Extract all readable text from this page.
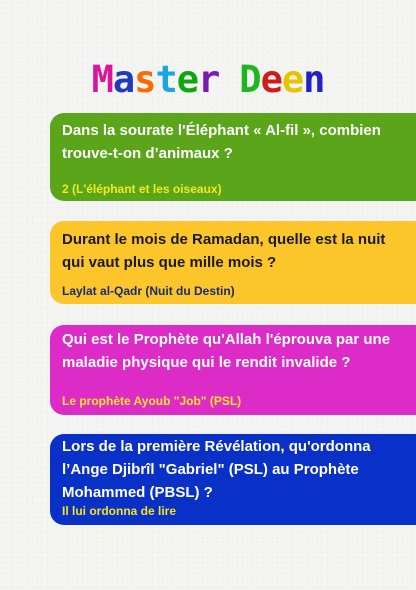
Master Deen

Dans la sourate l'Éléphant « Al-fil », combien trouve-t-on d’animaux ?

2 (L'éléphant et les oiseaux)

Durant le mois de Ramadan, quelle est la nuit qui vaut plus que mille mois ?

Laylat al-Qadr (Nuit du Destin)

Qui est le Prophète qu'Allah l'éprouva par une maladie physique qui le rendit invalide ?

Le prophète Ayoub "Job" (PSL)

Lors de la première Révélation, qu'ordonna l’Ange Djibrîl "Gabriel" (PSL) au Prophète Mohammed (PBSL) ?

Il lui ordonna de lire
